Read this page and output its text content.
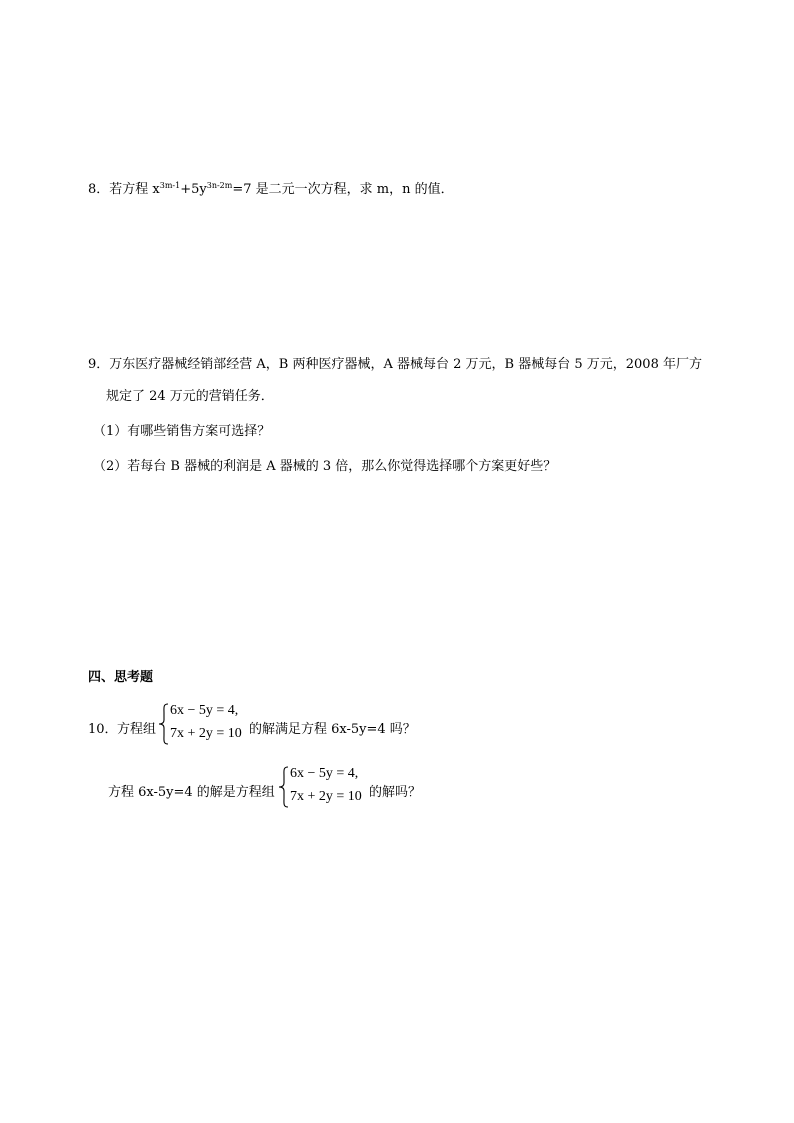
8．若方程 $x^{3m-1}+5y^{3n-2m}=7$ 是二元一次方程，求 m，n 的值．
9．万东医疗器械经销部经营 A，B 两种医疗器械，A 器械每台 2 万元，B 器械每台 5 万元，2008 年厂方
规定了 24 万元的营销任务．
（1）有哪些销售方案可选择？
（2）若每台 B 器械的利润是 A 器械的 3 倍，那么你觉得选择哪个方案更好些？
四、思考题
10． 方程组
6x − 5y = 4,
7x + 2y = 10 的解满足方程 6x-5y=4 吗？
方程 6x-5y=4 的解是方程组
6x − 5y = 4,
7x + 2y = 10 的解吗？
